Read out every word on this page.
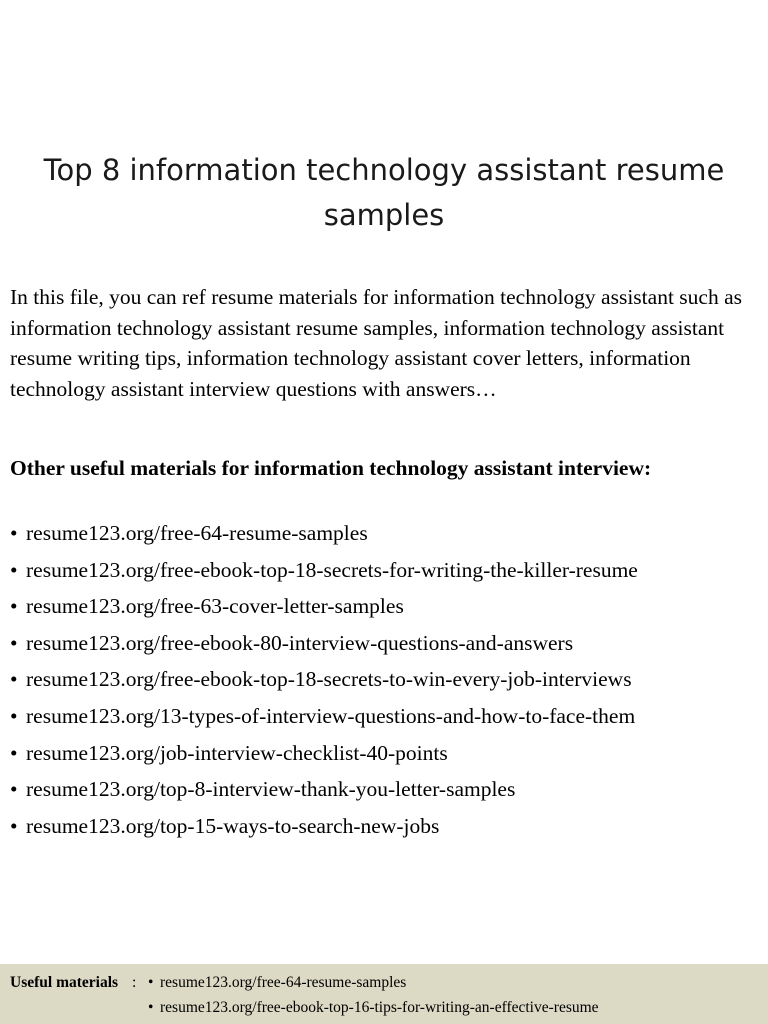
Top 8 information technology assistant resume samples

In this file, you can ref resume materials for information technology assistant such as information technology assistant resume samples, information technology assistant resume writing tips, information technology assistant cover letters, information technology assistant interview questions with answers…

Other useful materials for information technology assistant interview:

• resume123.org/free-64-resume-samples
• resume123.org/free-ebook-top-18-secrets-for-writing-the-killer-resume
• resume123.org/free-63-cover-letter-samples
• resume123.org/free-ebook-80-interview-questions-and-answers
• resume123.org/free-ebook-top-18-secrets-to-win-every-job-interviews
• resume123.org/13-types-of-interview-questions-and-how-to-face-them
• resume123.org/job-interview-checklist-40-points
• resume123.org/top-8-interview-thank-you-letter-samples
• resume123.org/top-15-ways-to-search-new-jobs
Useful materials : • resume123.org/free-64-resume-samples
• resume123.org/free-ebook-top-16-tips-for-writing-an-effective-resume
